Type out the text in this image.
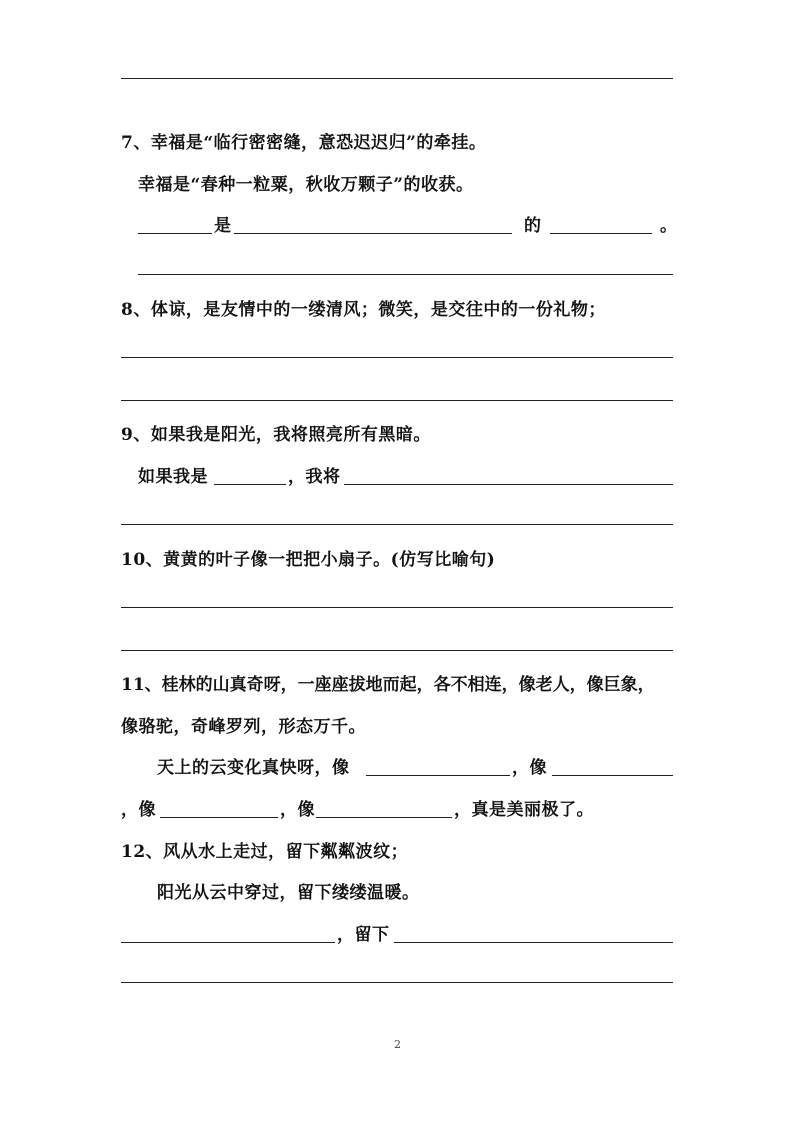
7、幸福是“临行密密缝，意恐迟迟归”的牵挂。
幸福是“春种一粒粟，秋收万颗子”的收获。
是	的	。
8、体谅，是友情中的一缕清风；微笑，是交往中的一份礼物；
9、如果我是阳光，我将照亮所有黑暗。
如果我是	，我将
10、黄黄的叶子像一把把小扇子。(仿写比喻句)
11、桂林的山真奇呀，一座座拔地而起，各不相连，像老人，像巨象，
像骆驼，奇峰罗列，形态万千。
天上的云变化真快呀，像	，像
，像	，像	，真是美丽极了。
12、风从水上走过，留下粼粼波纹；
阳光从云中穿过，留下缕缕温暖。
，留下
2
